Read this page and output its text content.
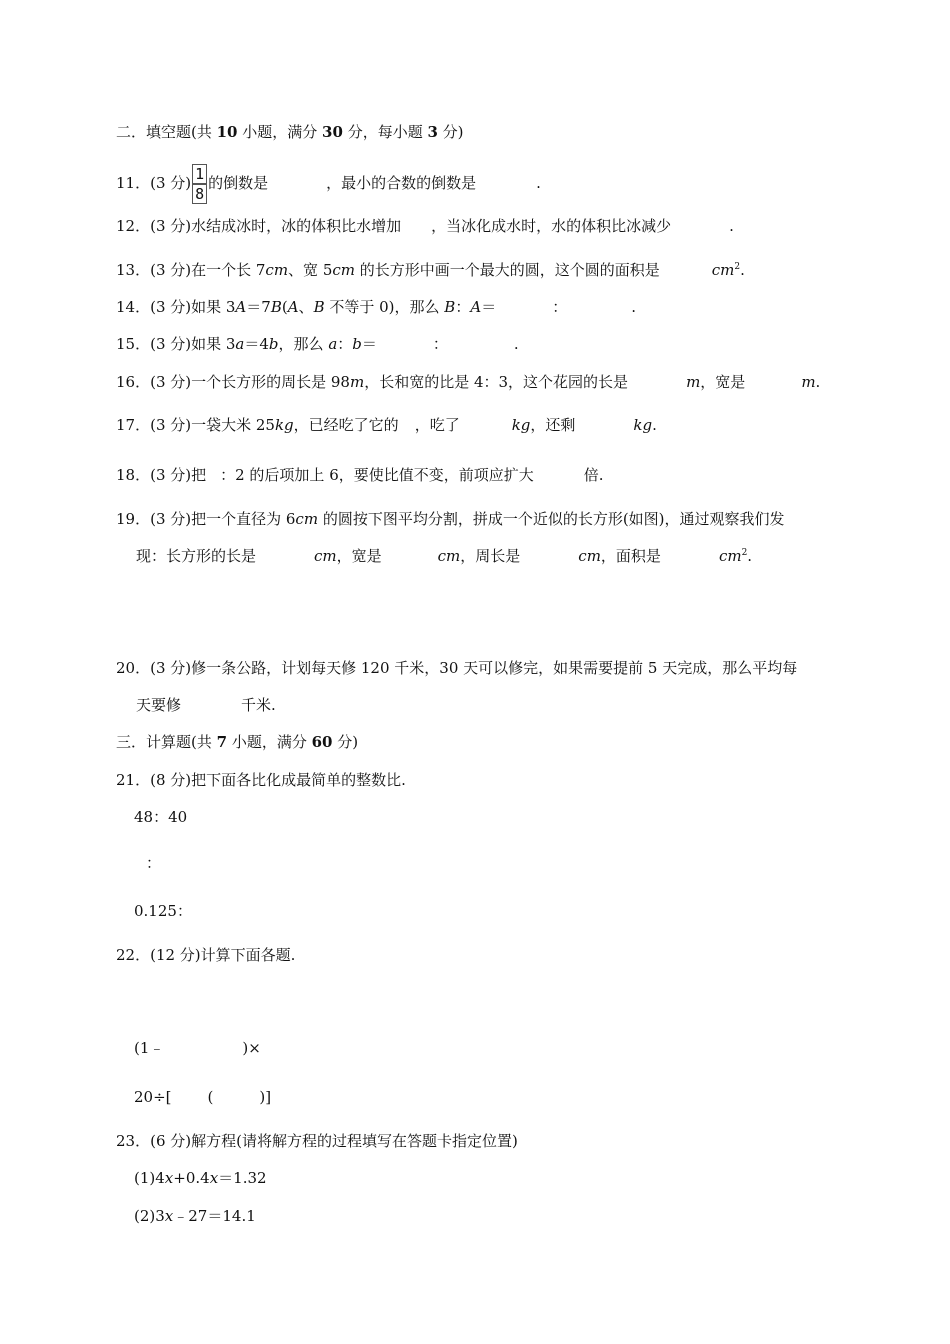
二．填空题(共 10 小题，满分 30 分，每小题 3 分)
11．(3 分) $\frac{1}{8}$ 的倒数是	，最小的合数的倒数是	.
12．(3 分)水结成冰时，冰的体积比水增加 ，当冰化成水时，水的体积比冰减少	.
13．(3 分)在一个长 7cm、宽 5cm 的长方形中画一个最大的圆，这个圆的面积是	$cm^2$.
14．(3 分)如果 3A＝7B(A、B 不等于 0)，那么 B：A＝	：	.
15．(3 分)如果 3a＝4b，那么 a：b＝	：	.
16．(3 分)一个长方形的周长是 98m，长和宽的比是 4：3，这个花园的长是	m，宽是	m.
17．(3 分)一袋大米 25kg，已经吃了它的 ，吃了	kg，还剩	kg.
18．(3 分)把 ：2 的后项加上 6，要使比值不变，前项应扩大	倍.
19．(3 分)把一个直径为 6cm 的圆按下图平均分割，拼成一个近似的长方形(如图)，通过观察我们发
现：长方形的长是	cm，宽是	cm，周长是	cm，面积是	$cm^2$.
20．(3 分)修一条公路，计划每天修 120 千米，30 天可以修完，如果需要提前 5 天完成，那么平均每
天要修	千米.
三．计算题(共 7 小题，满分 60 分)
21．(8 分)把下面各比化成最简单的整数比.
48：40
：
0.125：
22．(12 分)计算下面各题.
(1﹣	)×
20÷[ (	)]
23．(6 分)解方程(请将解方程的过程填写在答题卡指定位置)
(1)4x+0.4x＝1.32
(2)3x﹣27＝14.1
